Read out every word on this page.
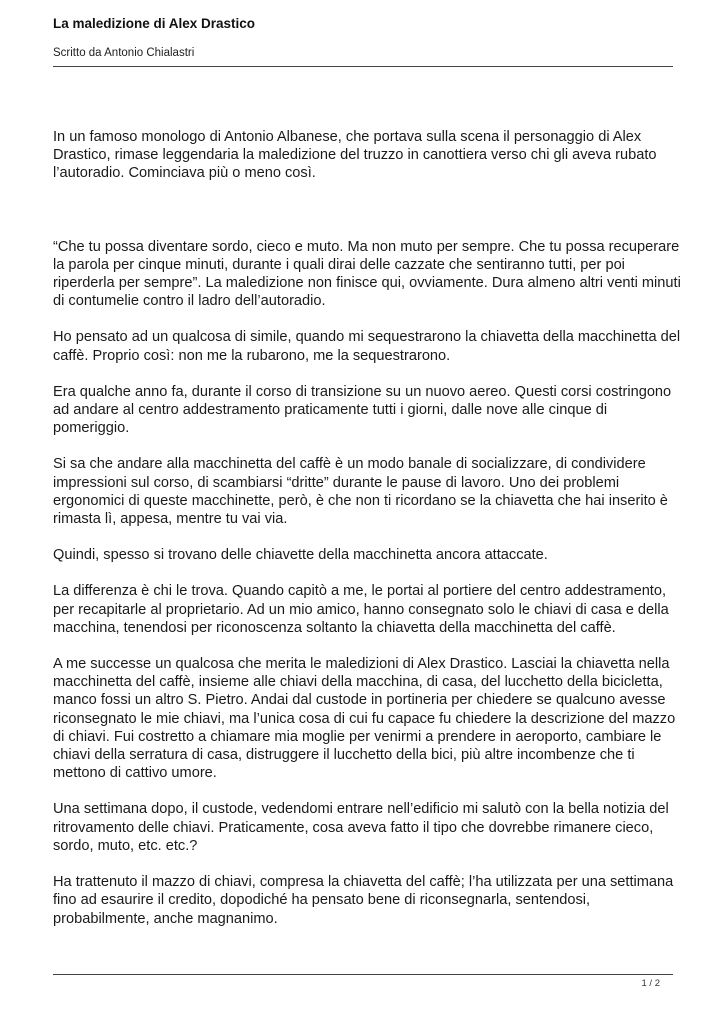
La maledizione di Alex Drastico
Scritto da Antonio Chialastri

In un famoso monologo di Antonio Albanese, che portava sulla scena il personaggio di Alex Drastico, rimase leggendaria la maledizione del truzzo in canottiera verso chi gli aveva rubato l’autoradio. Cominciava più o meno così.

“Che tu possa diventare sordo, cieco e muto. Ma non muto per sempre. Che tu possa recuperare la parola per cinque minuti, durante i quali dirai delle cazzate che sentiranno tutti, per poi riperderla per sempre”. La maledizione non finisce qui, ovviamente. Dura almeno altri venti minuti di contumelie contro il ladro dell’autoradio.

Ho pensato ad un qualcosa di simile, quando mi sequestrarono la chiavetta della macchinetta del caffè. Proprio così: non me la rubarono, me la sequestrarono.

Era qualche anno fa, durante il corso di transizione su un nuovo aereo. Questi corsi costringono ad andare al centro addestramento praticamente tutti i giorni, dalle nove alle cinque di pomeriggio.

Si sa che andare alla macchinetta del caffè è un modo banale di socializzare, di condividere impressioni sul corso, di scambiarsi “dritte” durante le pause di lavoro. Uno dei problemi ergonomici di queste macchinette, però, è che non ti ricordano se la chiavetta che hai inserito è rimasta lì, appesa, mentre tu vai via.

Quindi, spesso si trovano delle chiavette della macchinetta ancora attaccate.

La differenza è chi le trova. Quando capitò a me, le portai al portiere del centro addestramento, per recapitarle al proprietario. Ad un mio amico, hanno consegnato solo le chiavi di casa e della macchina, tenendosi per riconoscenza soltanto la chiavetta della macchinetta del caffè.

A me successe un qualcosa che merita le maledizioni di Alex Drastico. Lasciai la chiavetta nella macchinetta del caffè, insieme alle chiavi della macchina, di casa, del lucchetto della bicicletta, manco fossi un altro S. Pietro. Andai dal custode in portineria per chiedere se qualcuno avesse riconsegnato le mie chiavi, ma l’unica cosa di cui fu capace fu chiedere la descrizione del mazzo di chiavi. Fui costretto a chiamare mia moglie per venirmi a prendere in aeroporto, cambiare le chiavi della serratura di casa, distruggere il lucchetto della bici, più altre incombenze che ti mettono di cattivo umore.

Una settimana dopo, il custode, vedendomi entrare nell’edificio mi salutò con la bella notizia del ritrovamento delle chiavi. Praticamente, cosa aveva fatto il tipo che dovrebbe rimanere cieco, sordo, muto, etc. etc.?

Ha trattenuto il mazzo di chiavi, compresa la chiavetta del caffè; l’ha utilizzata per una settimana fino ad esaurire il credito, dopodiché ha pensato bene di riconsegnarla, sentendosi, probabilmente, anche magnanimo.

1 / 2
